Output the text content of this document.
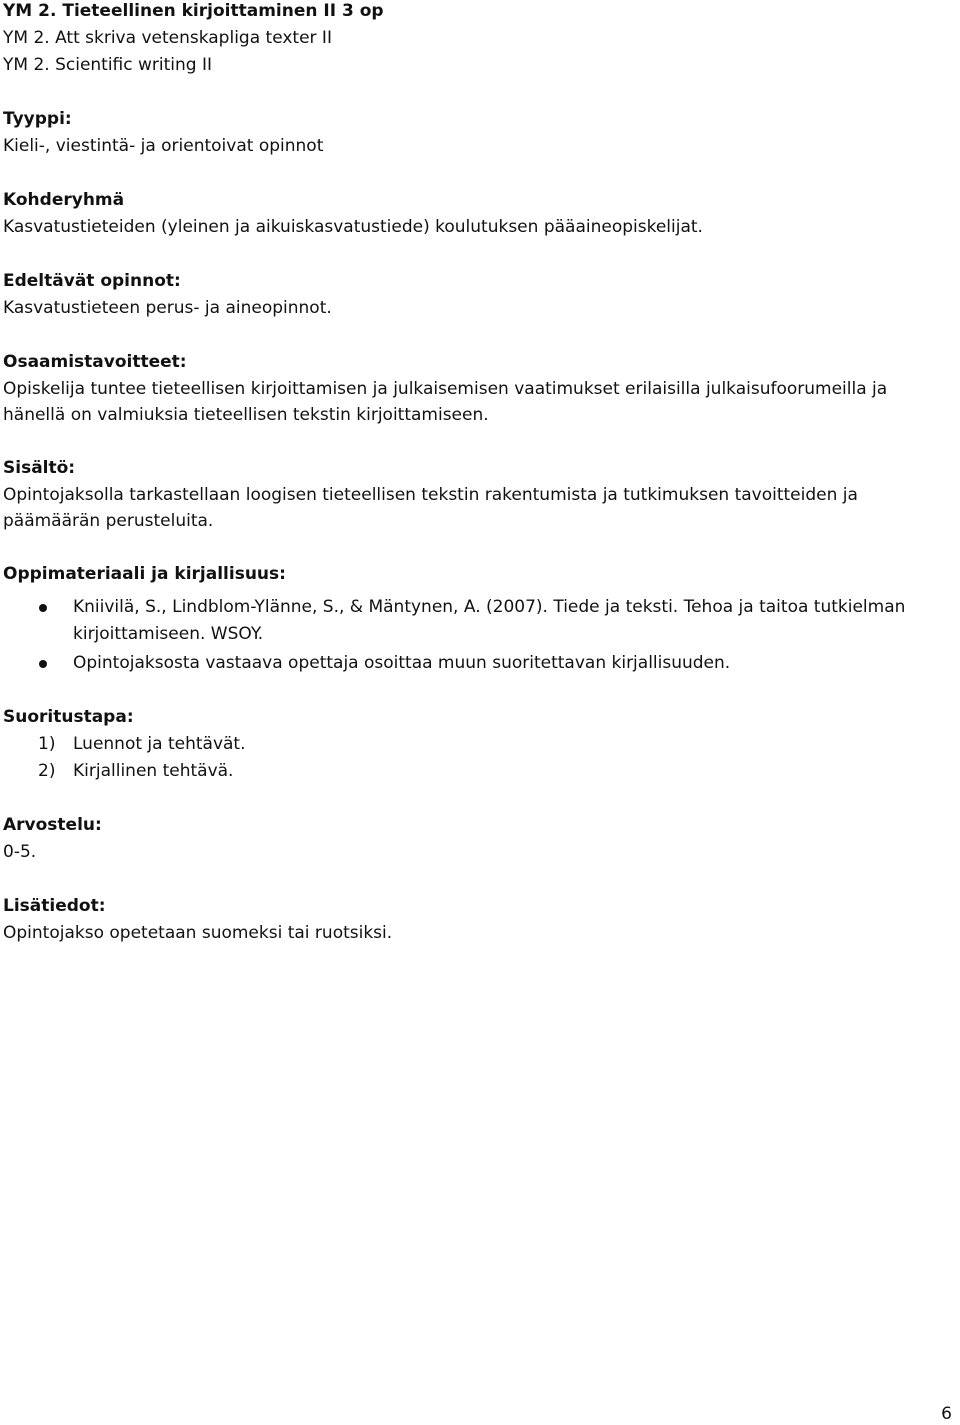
YM 2. Tieteellinen kirjoittaminen II 3 op
YM 2. Att skriva vetenskapliga texter II
YM 2. Scientific writing II
Tyyppi:
Kieli-, viestintä- ja orientoivat opinnot
Kohderyhmä
Kasvatustieteiden (yleinen ja aikuiskasvatustiede) koulutuksen pääaineopiskelijat.
Edeltävät opinnot:
Kasvatustieteen perus- ja aineopinnot.
Osaamistavoitteet:
Opiskelija tuntee tieteellisen kirjoittamisen ja julkaisemisen vaatimukset erilaisilla julkaisufoorumeilla ja hänellä on valmiuksia tieteellisen tekstin kirjoittamiseen.
Sisältö:
Opintojaksolla tarkastellaan loogisen tieteellisen tekstin rakentumista ja tutkimuksen tavoitteiden ja päämäärän perusteluita.
Oppimateriaali ja kirjallisuus:
Kniivilä, S., Lindblom-Ylänne, S., & Mäntynen, A. (2007). Tiede ja teksti. Tehoa ja taitoa tutkielman kirjoittamiseen. WSOY.
Opintojaksosta vastaava opettaja osoittaa muun suoritettavan kirjallisuuden.
Suoritustapa:
1) Luennot ja tehtävät.
2) Kirjallinen tehtävä.
Arvostelu:
0-5.
Lisätiedot:
Opintojakso opetetaan suomeksi tai ruotsiksi.
6
